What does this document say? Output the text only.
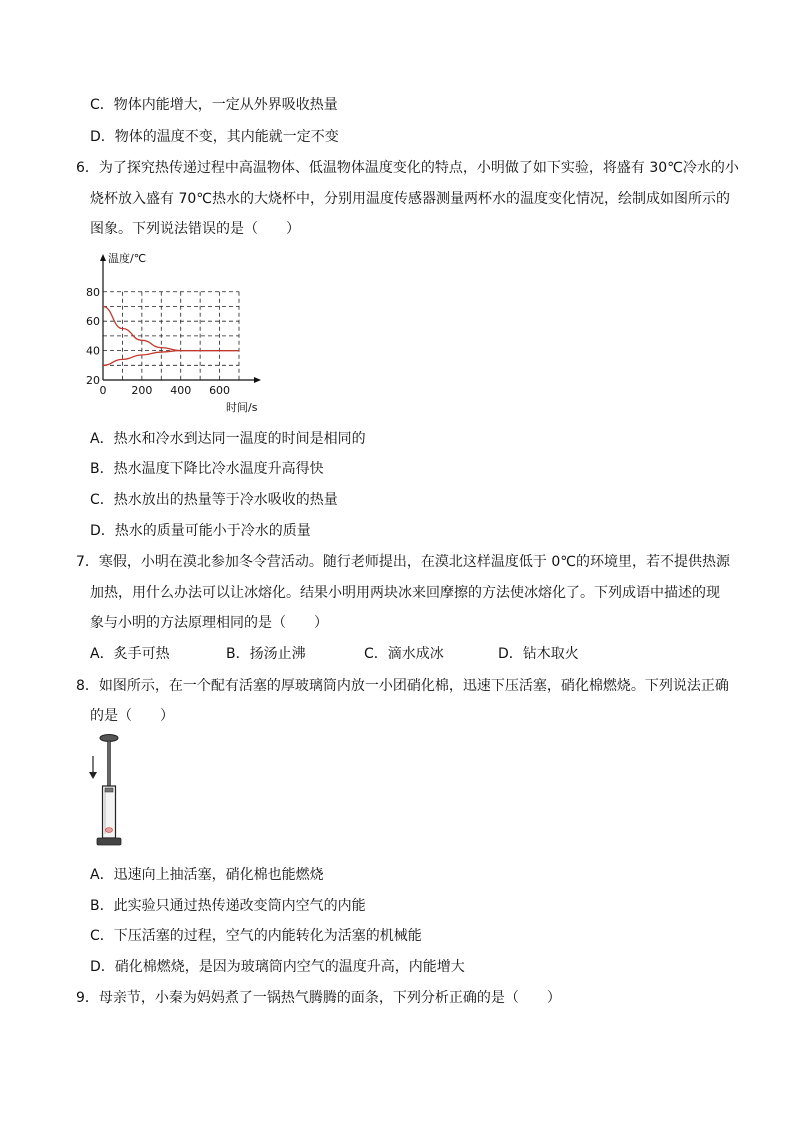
C．物体内能增大，一定从外界吸收热量
D．物体的温度不变，其内能就一定不变
6．为了探究热传递过程中高温物体、低温物体温度变化的特点，小明做了如下实验，将盛有 30℃冷水的小
烧杯放入盛有 70℃热水的大烧杯中，分别用温度传感器测量两杯水的温度变化情况，绘制成如图所示的
图象。下列说法错误的是（　　）
0 200 400 600
20
40
60
80
温度/℃
时间/s
A．热水和冷水到达同一温度的时间是相同的
B．热水温度下降比冷水温度升高得快
C．热水放出的热量等于冷水吸收的热量
D．热水的质量可能小于冷水的质量
7．寒假，小明在漠北参加冬令营活动。随行老师提出，在漠北这样温度低于 0℃的环境里，若不提供热源
加热，用什么办法可以让冰熔化。结果小明用两块冰来回摩擦的方法使冰熔化了。下列成语中描述的现
象与小明的方法原理相同的是（　　）
A．炙手可热	B．扬汤止沸	C．滴水成冰	D．钻木取火
8．如图所示，在一个配有活塞的厚玻璃筒内放一小团硝化棉，迅速下压活塞，硝化棉燃烧。下列说法正确
的是（　　）
A．迅速向上抽活塞，硝化棉也能燃烧
B．此实验只通过热传递改变筒内空气的内能
C．下压活塞的过程，空气的内能转化为活塞的机械能
D．硝化棉燃烧，是因为玻璃筒内空气的温度升高，内能增大
9．母亲节，小秦为妈妈煮了一锅热气腾腾的面条，下列分析正确的是（　　）
